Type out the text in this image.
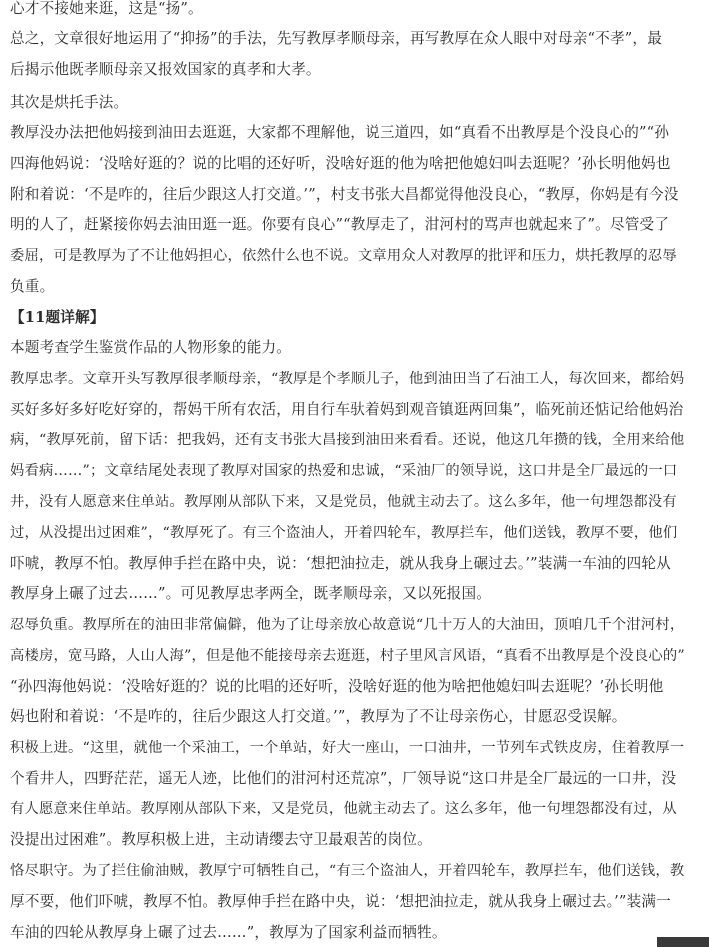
心才不接她来逛，这是“扬”。
总之，文章很好地运用了“抑扬”的手法，先写教厚孝顺母亲，再写教厚在众人眼中对母亲“不孝”，最
后揭示他既孝顺母亲又报效国家的真孝和大孝。
其次是烘托手法。
教厚没办法把他妈接到油田去逛逛，大家都不理解他，说三道四，如“真看不出教厚是个没良心的”“孙
四海他妈说：‘没啥好逛的？说的比唱的还好听，没啥好逛的他为啥把他媳妇叫去逛呢？’孙长明他妈也
附和着说：‘不是咋的，往后少跟这人打交道。’”，村支书张大昌都觉得他没良心，“教厚，你妈是有今没
明的人了，赶紧接你妈去油田逛一逛。你要有良心”“教厚走了，泔河村的骂声也就起来了”。尽管受了
委屈，可是教厚为了不让他妈担心，依然什么也不说。文章用众人对教厚的批评和压力，烘托教厚的忍辱
负重。
【11题详解】
本题考查学生鉴赏作品的人物形象的能力。
教厚忠孝。文章开头写教厚很孝顺母亲，“教厚是个孝顺儿子，他到油田当了石油工人，每次回来，都给妈
买好多好多好吃好穿的，帮妈干所有农活，用自行车驮着妈到观音镇逛两回集”，临死前还惦记给他妈治
病，“教厚死前，留下话：把我妈，还有支书张大昌接到油田来看看。还说，他这几年攒的钱，全用来给他
妈看病……”；文章结尾处表现了教厚对国家的热爱和忠诚，“采油厂的领导说，这口井是全厂最远的一口
井，没有人愿意来住单站。教厚刚从部队下来，又是党员，他就主动去了。这么多年，他一句埋怨都没有
过，从没提出过困难”，“教厚死了。有三个盗油人，开着四轮车，教厚拦车，他们送钱，教厚不要，他们
吓唬，教厚不怕。教厚伸手拦在路中央，说：‘想把油拉走，就从我身上碾过去。’”装满一车油的四轮从
教厚身上碾了过去……”。可见教厚忠孝两全，既孝顺母亲，又以死报国。
忍辱负重。教厚所在的油田非常偏僻，他为了让母亲放心故意说“几十万人的大油田，顶咱几千个泔河村，
高楼房，宽马路，人山人海”，但是他不能接母亲去逛逛，村子里风言风语，“真看不出教厚是个没良心的”
“孙四海他妈说：‘没啥好逛的？说的比唱的还好听，没啥好逛的他为啥把他媳妇叫去逛呢？’孙长明他
妈也附和着说：‘不是咋的，往后少跟这人打交道。’”，教厚为了不让母亲伤心，甘愿忍受误解。
积极上进。“这里，就他一个采油工，一个单站，好大一座山，一口油井，一节列车式铁皮房，住着教厚一
个看井人，四野茫茫，遥无人迹，比他们的泔河村还荒凉”，厂领导说“这口井是全厂最远的一口井，没
有人愿意来住单站。教厚刚从部队下来，又是党员，他就主动去了。这么多年，他一句埋怨都没有过，从
没提出过困难”。教厚积极上进，主动请缨去守卫最艰苦的岗位。
恪尽职守。为了拦住偷油贼，教厚宁可牺牲自己，“有三个盗油人，开着四轮车，教厚拦车，他们送钱，教
厚不要，他们吓唬，教厚不怕。教厚伸手拦在路中央，说：‘想把油拉走，就从我身上碾过去。’”装满一
车油的四轮从教厚身上碾了过去……”，教厚为了国家利益而牺牲。
